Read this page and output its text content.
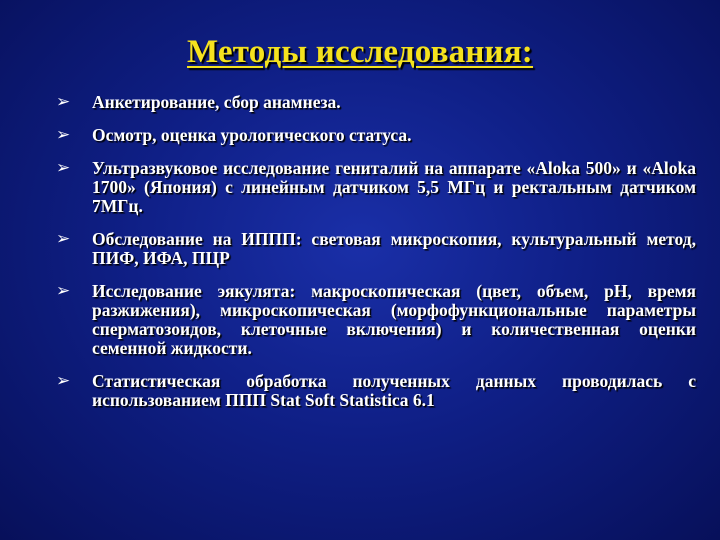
Методы исследования:
➢	Анкетирование, сбор анамнеза.
➢	Осмотр, оценка урологического статуса.
➢	Ультразвуковое исследование гениталий на аппарате «Aloka 500» и «Aloka 1700» (Япония) с линейным датчиком 5,5 МГц и ректальным датчиком 7МГц.
➢	Обследование на ИППП: световая микроскопия, культуральный метод, ПИФ, ИФА, ПЦР
➢	Исследование эякулята: макроскопическая (цвет, объем, pH, время разжижения), микроскопическая (морфофункциональные параметры сперматозоидов, клеточные включения) и количественная оценки семенной жидкости.
➢	Статистическая обработка полученных данных проводилась с использованием ППП Stat Soft Statistica 6.1
